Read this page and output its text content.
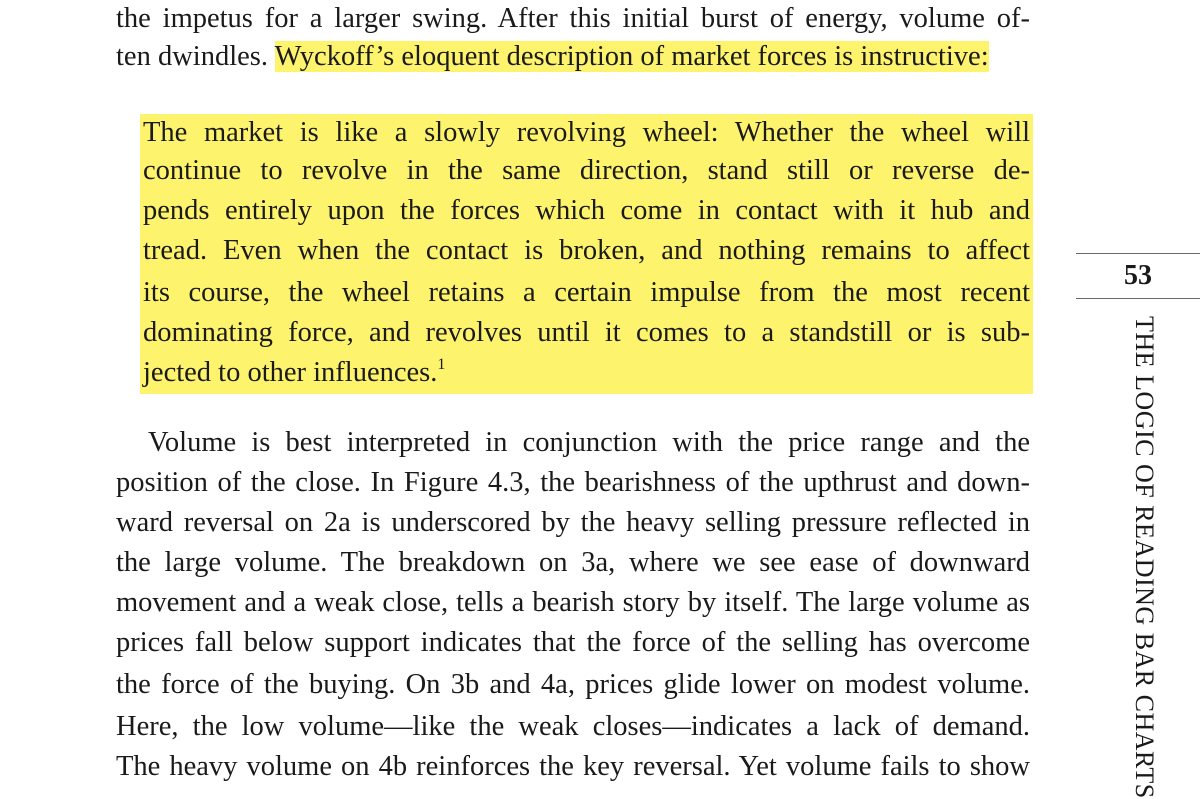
the impetus for a larger swing. After this initial burst of energy, volume of-
ten dwindles. Wyckoff’s eloquent description of market forces is instructive:
The market is like a slowly revolving wheel: Whether the wheel will
continue to revolve in the same direction, stand still or reverse de-
pends entirely upon the forces which come in contact with it hub and
tread. Even when the contact is broken, and nothing remains to affect
its course, the wheel retains a certain impulse from the most recent
dominating force, and revolves until it comes to a standstill or is sub-
jected to other influences.$^1$
Volume is best interpreted in conjunction with the price range and the
position of the close. In Figure 4.3, the bearishness of the upthrust and down-
ward reversal on 2a is underscored by the heavy selling pressure reflected in
the large volume. The breakdown on 3a, where we see ease of downward
movement and a weak close, tells a bearish story by itself. The large volume as
prices fall below support indicates that the force of the selling has overcome
the force of the buying. On 3b and 4a, prices glide lower on modest volume.
Here, the low volume—like the weak closes—indicates a lack of demand.
The heavy volume on 4b reinforces the key reversal. Yet volume fails to show
53
THE LOGIC OF READING BAR CHARTS
